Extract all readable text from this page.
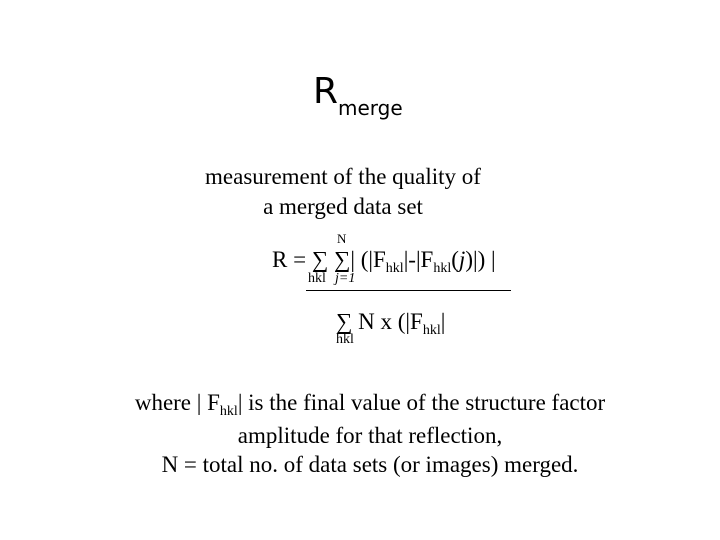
$R_{merge}$
measurement of the quality of
a merged data set
N
R = ∑ ∑| $(|F_{hkl}|-|F_{hkl}(j)|)$ |
hkl j=1
∑ N x ($|F_{hkl}|$
hkl
where | $F_{hkl}|$ is the final value of the structure factor
amplitude for that reflection,
N = total no. of data sets (or images) merged.
